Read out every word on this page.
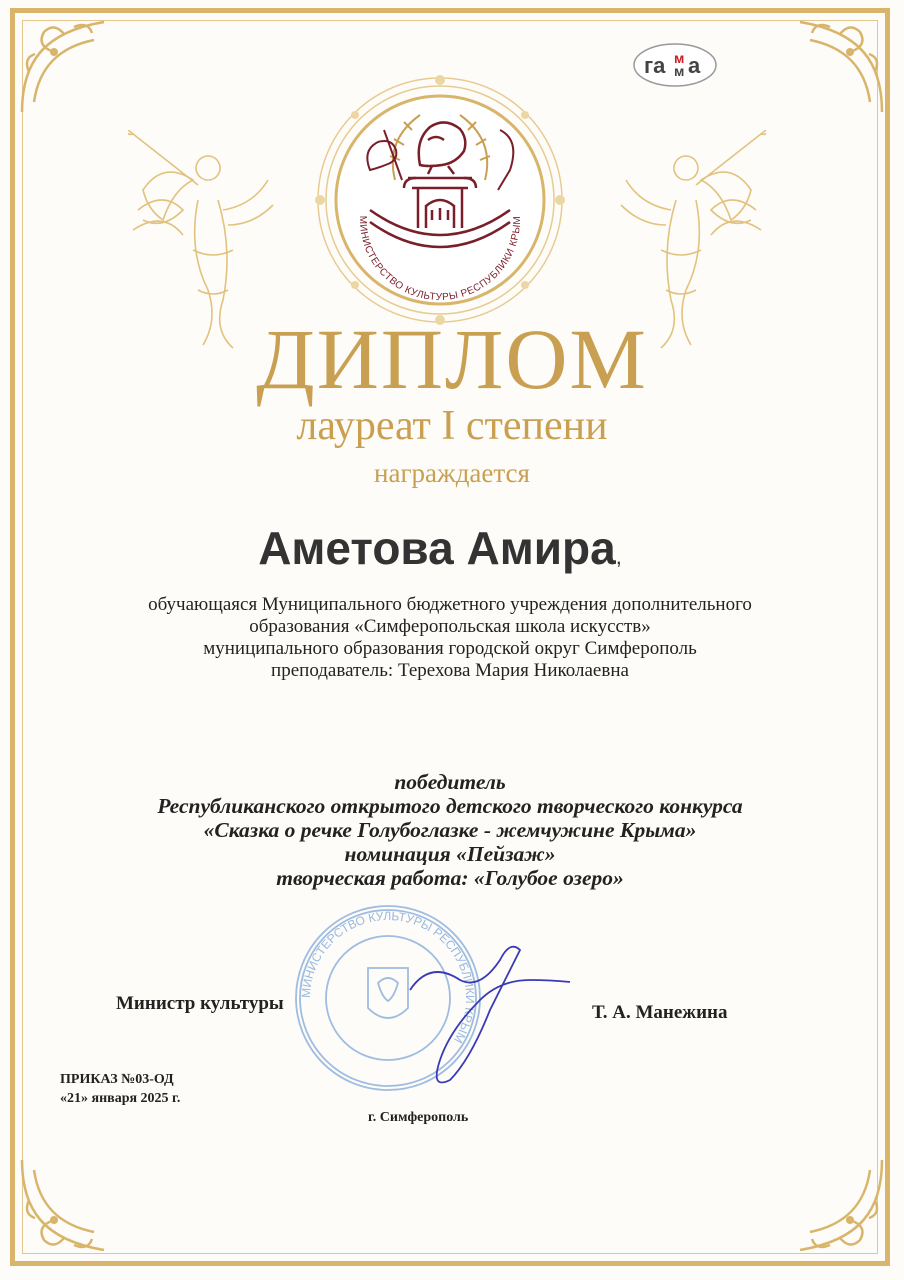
га м
м а
МИНИСТЕРСТВО КУЛЬТУРЫ РЕСПУБЛИКИ КРЫМ
ДИПЛОМ
лауреат I степени
награждается
Аметова Амира,
обучающаяся Муниципального бюджетного учреждения дополнительного
образования «Симферопольская школа искусств»
муниципального образования городской округ Симферополь
преподаватель: Терехова Мария Николаевна
победитель
Республиканского открытого детского творческого конкурса
«Сказка о речке Голубоглазке - жемчужине Крыма»
номинация «Пейзаж»
творческая работа: «Голубое озеро»
МИНИСТЕРСТВО КУЛЬТУРЫ РЕСПУБЛИКИ КРЫМ
Министр культуры	Т. А. Манежина
ПРИКАЗ №03-ОД
«21» января 2025 г.
г. Симферополь
